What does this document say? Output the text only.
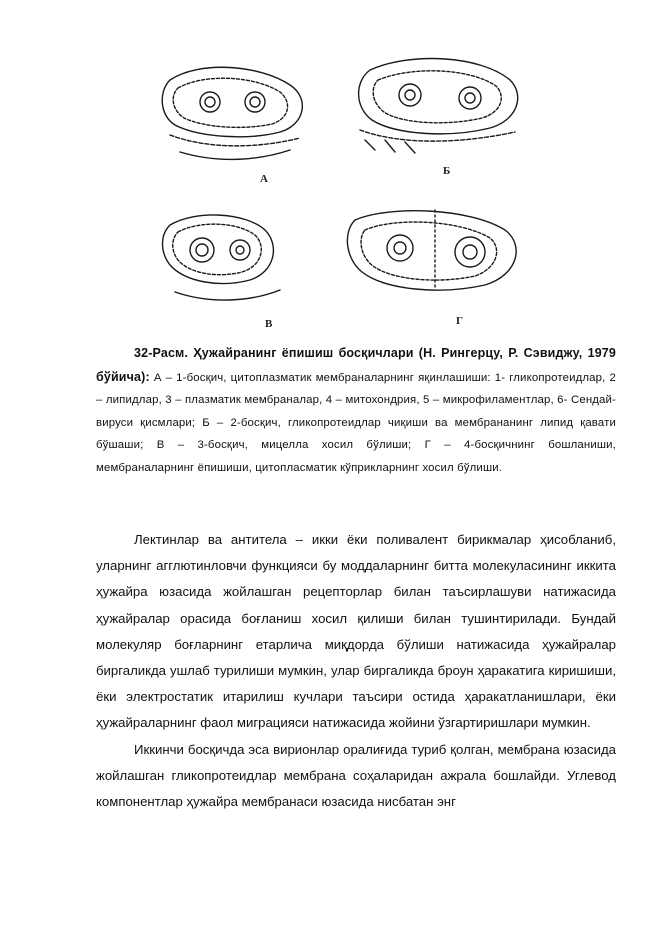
А
Б
В	Г

32-Расм. Ҳужайранинг ёпишиш босқичлари (Н. Рингерцу, Р. Сэвиджу, 1979 бўйича): А – 1-босқич, цитоплазматик мембраналарнинг яқинлашиши: 1- гликопротеидлар, 2 – липидлар, 3 – плазматик мембраналар, 4 – митохондрия, 5 – микрофиламентлар, 6- Сендай-вируси қисмлари; Б – 2-босқич, гликопротеидлар чиқиши ва мембрананинг липид қавати бўшаши; В – 3-босқич, мицелла хосил бўлиши; Г – 4-босқичнинг бошланиши, мембраналарнинг ёпишиши, цитоплаcматик кўприкларнинг хосил бўлиши.

Лектинлар ва антитела – икки ёки поливалент бирикмалар ҳисобланиб, уларнинг агглютинловчи функцияси бу моддаларнинг битта молекуласининг иккита ҳужайра юзасида жойлашган рецепторлар билан таъсирлашуви натижасида ҳужайралар орасида боғланиш хосил қилиши билан тушинтирилади. Бундай молекуляр боғларнинг етарлича миқдорда бўлиши натижасида ҳужайралар биргаликда ушлаб турилиши мумкин, улар биргаликда броун ҳаракатига киришиши, ёки электростатик итарилиш кучлари таъсири остида ҳаракатланишлари, ёки ҳужайраларнинг фаол миграцияси натижасида жойини ўзгартиришлари мумкин.

Иккинчи босқичда эса вирионлар оралиғида туриб қолган, мембрана юзасида жойлашган гликопротеидлар мембрана соҳаларидан ажрала бошлайди. Углевод компонентлар ҳужайра мембранаси юзасида нисбатан энг
